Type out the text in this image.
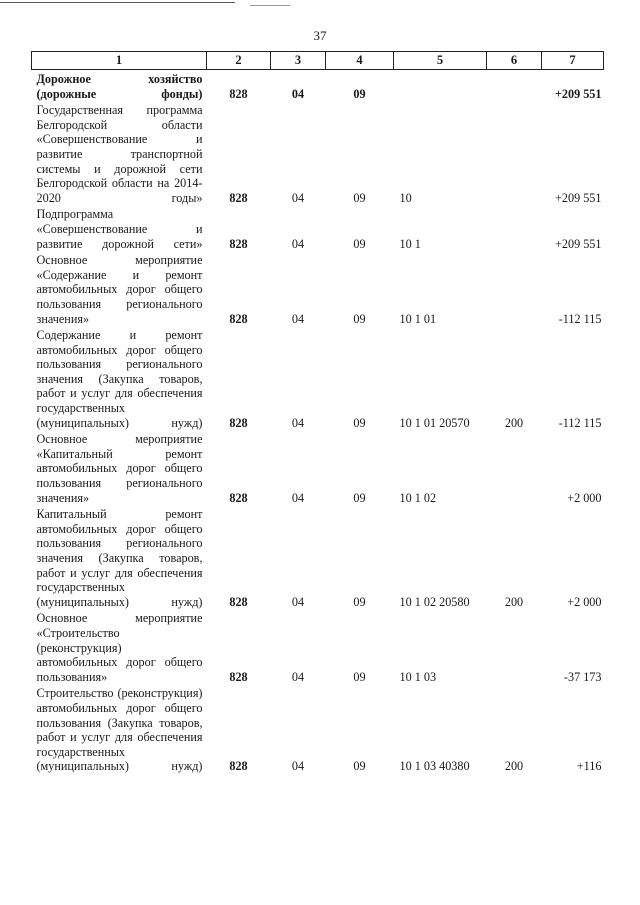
37
1	2	3	4	5	6	7
Дорожное хозяйство (дорожные фонды)	828	04	09			+209 551
Государственная программа Белгородской области «Совершенствование и развитие транспортной системы и дорожной сети Белгородской области на 2014-2020 годы»	828	04	09	10		+209 551
Подпрограмма «Совершенствование и развитие дорожной сети»	828	04	09	10 1		+209 551
Основное мероприятие «Содержание и ремонт автомобильных дорог общего пользования регионального значения»	828	04	09	10 1 01		-112 115
Содержание и ремонт автомобильных дорог общего пользования регионального значения (Закупка товаров, работ и услуг для обеспечения государственных (муниципальных) нужд)	828	04	09	10 1 01 20570	200	-112 115
Основное мероприятие «Капитальный ремонт автомобильных дорог общего пользования регионального значения»	828	04	09	10 1 02		+2 000
Капитальный ремонт автомобильных дорог общего пользования регионального значения (Закупка товаров, работ и услуг для обеспечения государственных (муниципальных) нужд)	828	04	09	10 1 02 20580	200	+2 000
Основное мероприятие «Строительство (реконструкция) автомобильных дорог общего пользования»	828	04	09	10 1 03		-37 173
Строительство (реконструкция) автомобильных дорог общего пользования (Закупка товаров, работ и услуг для обеспечения государственных (муниципальных) нужд)	828	04	09	10 1 03 40380	200	+116
